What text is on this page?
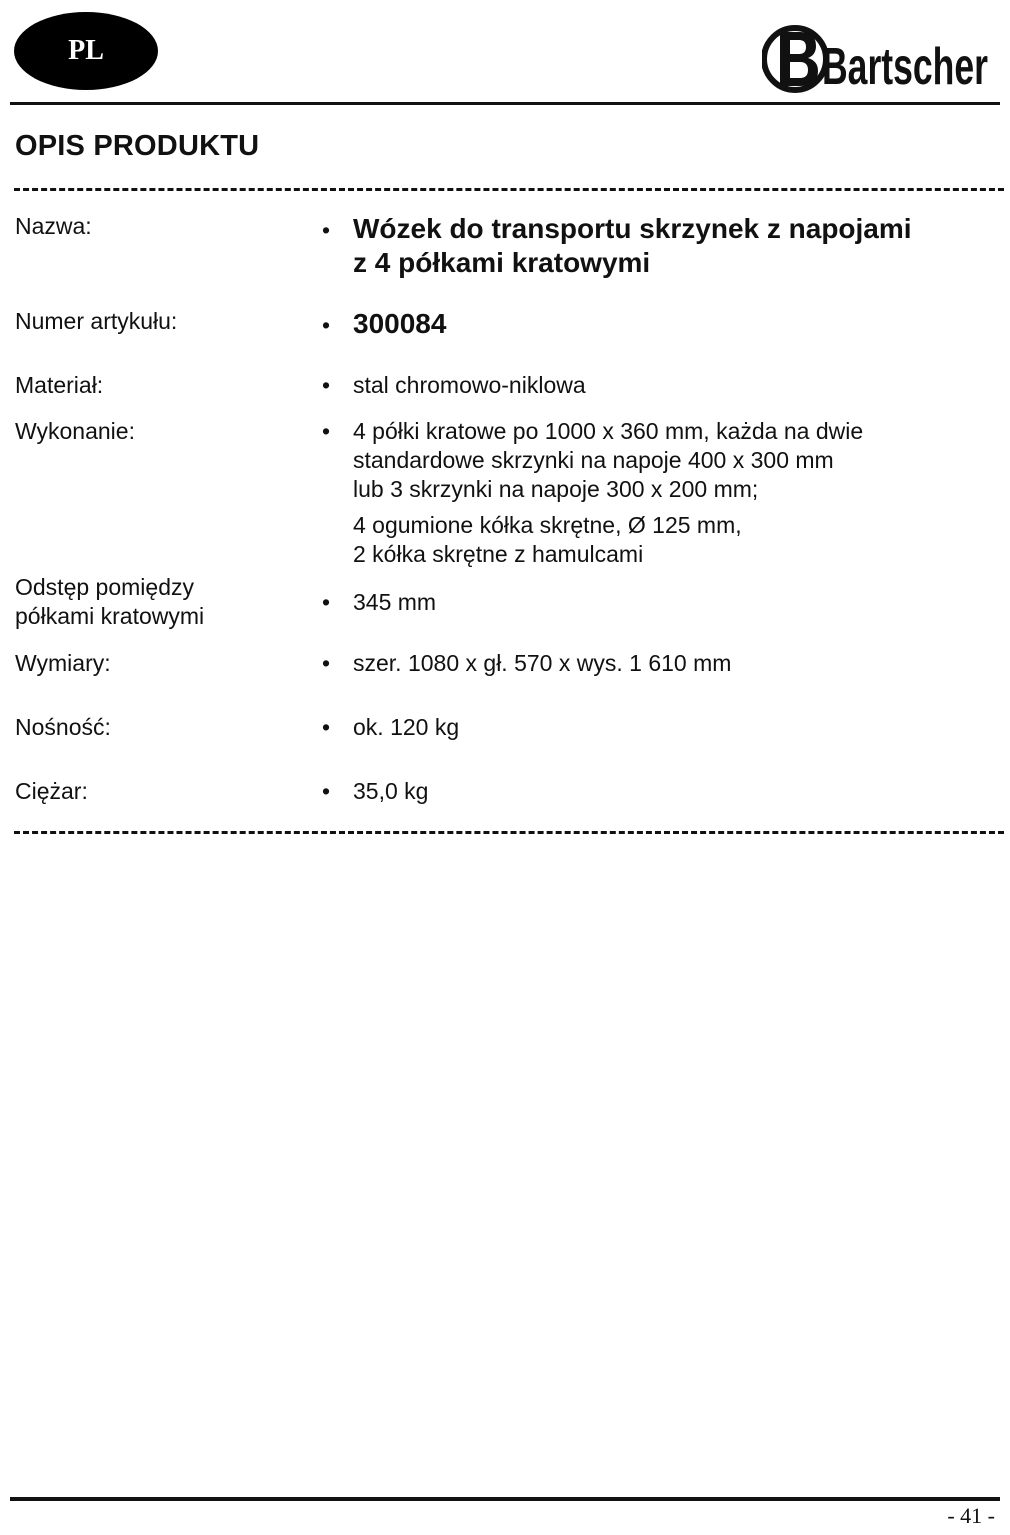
PL	Bartscher
OPIS PRODUKTU
Nazwa:	• Wózek do transportu skrzynek z napojami
z 4 półkami kratowymi
Numer artykułu:	• 300084
Materiał:	• stal chromowo-niklowa
Wykonanie:	• 4 półki kratowe po 1000 x 360 mm, każda na dwie
standardowe skrzynki na napoje 400 x 300 mm
lub 3 skrzynki na napoje 300 x 200 mm;
4 ogumione kółka skrętne, Ø 125 mm,
2 kółka skrętne z hamulcami
Odstęp pomiędzy
półkami kratowymi
• 345 mm
Wymiary:	• szer. 1080 x gł. 570 x wys. 1 610 mm
Nośność:	• ok. 120 kg
Ciężar:	• 35,0 kg
- 41 -
